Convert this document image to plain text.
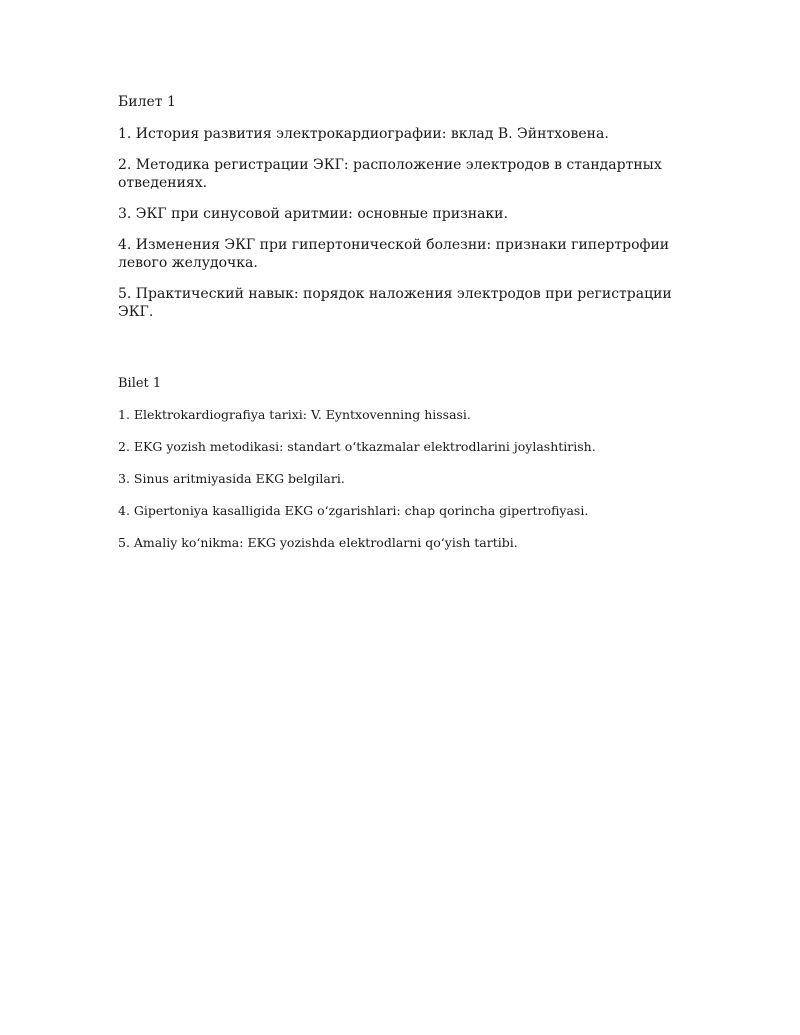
Билет 1

1. История развития электрокардиографии: вклад В. Эйнтховена.

2. Методика регистрации ЭКГ: расположение электродов в стандартных отведениях.

3. ЭКГ при синусовой аритмии: основные признаки.

4. Изменения ЭКГ при гипертонической болезни: признаки гипертрофии левого желудочка.

5. Практический навык: порядок наложения электродов при регистрации ЭКГ.

Bilet 1

1. Elektrokardiografiya tarixi: V. Eyntxovenning hissasi.

2. EKG yozish metodikasi: standart oʻtkazmalar elektrodlarini joylashtirish.

3. Sinus aritmiyasida EKG belgilari.

4. Gipertoniya kasalligida EKG oʻzgarishlari: chap qorincha gipertrofiyasi.

5. Amaliy koʻnikma: EKG yozishda elektrodlarni qoʻyish tartibi.
